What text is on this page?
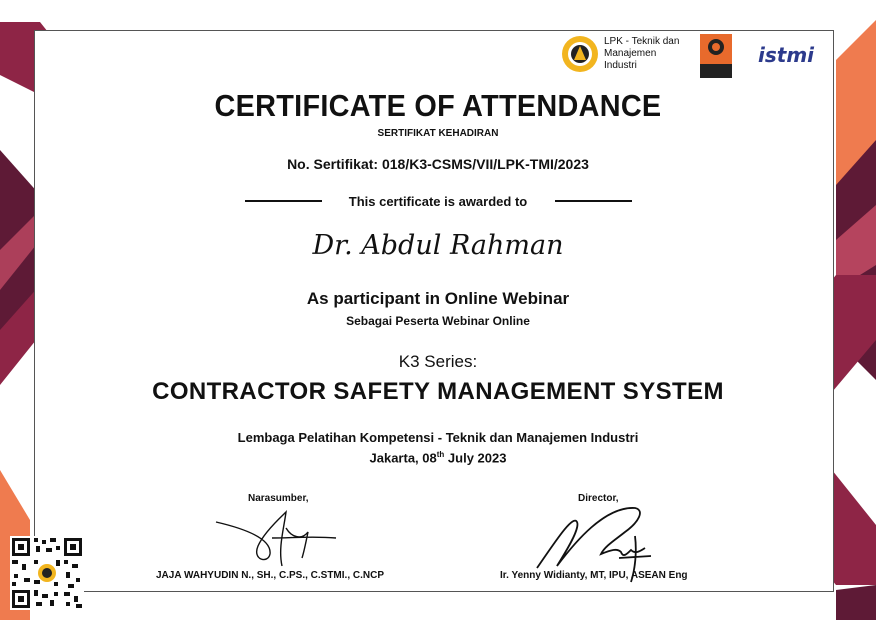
LPK - Teknik dan
Manajemen
Industri	istmi
CERTIFICATE OF ATTENDANCE
SERTIFIKAT KEHADIRAN
No. Sertifikat: 018/K3-CSMS/VII/LPK-TMI/2023
This certificate is awarded to
Dr. Abdul Rahman
As participant in Online Webinar
Sebagai Peserta Webinar Online
K3 Series:
CONTRACTOR SAFETY MANAGEMENT SYSTEM
Lembaga Pelatihan Kompetensi - Teknik dan Manajemen Industri
Jakarta, 08th July 2023
Narasumber,
JAJA WAHYUDIN N., SH., C.PS., C.STMI., C.NCP
Director,
Ir. Yenny Widianty, MT, IPU, ASEAN Eng
